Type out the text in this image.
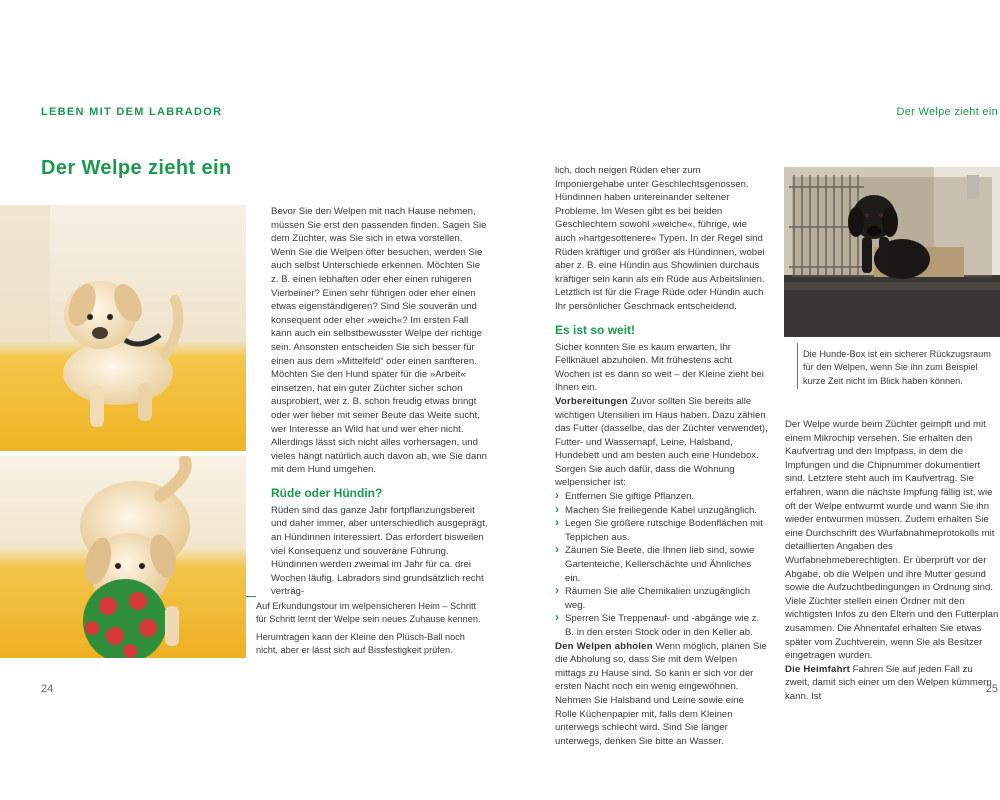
LEBEN MIT DEM LABRADOR	Der Welpe zieht ein
Der Welpe zieht ein

Bevor Sie den Welpen mit nach Hause nehmen, müssen Sie erst den passenden finden. Sagen Sie dem Züchter, was Sie sich in etwa vorstellen. Wenn Sie die Welpen öfter besuchen, werden Sie auch selbst Unterschiede erkennen. Möchten Sie z. B. einen lebhaften oder eher einen ruhigeren Vierbeiner? Einen sehr führigen oder eher einen etwas eigenständigeren? Sind Sie souverän und konsequent oder eher »weich«? Im ersten Fall kann auch ein selbstbewusster Welpe der richtige sein. Ansonsten entscheiden Sie sich besser für einen aus dem »Mittelfeld“ oder einen sanfteren. Möchten Sie den Hund später für die »Arbeit« einsetzen, hat ein guter Züchter sicher schon ausprobiert, wer z. B. schon freudig etwas bringt oder wer lieber mit seiner Beute das Weite sucht, wer Interesse an Wild hat und wer eher nicht. Allerdings lässt sich nicht alles vorhersagen, und vieles hängt natürlich auch davon ab, wie Sie dann mit dem Hund umgehen.

Rüde oder Hündin?

Rüden sind das ganze Jahr fortpflanzungsbereit und daher immer, aber unterschiedlich ausgeprägt, an Hündinnen interessiert. Das erfordert bisweilen viel Konsequenz und souveräne Führung. Hündinnen werden zweimal im Jahr für ca. drei Wochen läufig. Labradors sind grundsätzlich recht verträg-

Auf Erkundungstour im welpensicheren Heim – Schritt für Schritt lernt der Welpe sein neues Zuhause kennen.

Herumtragen kann der Kleine den Plüsch-Ball noch nicht, aber er lässt sich auf Bissfestigkeit prüfen.

24

lich, doch neigen Rüden eher zum Imponiergehabe unter Geschlechtsgenossen. Hündinnen haben untereinander seltener Probleme. Im Wesen gibt es bei beiden Geschlechtern sowohl »weiche«, führige, wie auch »hartgesottenere« Typen. In der Regel sind Rüden kräftiger und größer als Hündinnen, wobei aber z. B. eine Hündin aus Showlinien durchaus kräftiger sein kann als ein Rüde aus Arbeitslinien. Letztlich ist für die Frage Rüde oder Hündin auch Ihr persönlicher Geschmack entscheidend.

Es ist so weit!

Sicher konnten Sie es kaum erwarten, Ihr Fellknäuel abzuholen. Mit frühestens acht Wochen ist es dann so weit – der Kleine zieht bei Ihnen ein.

Vorbereitungen Zuvor sollten Sie bereits alle wichtigen Utensilien im Haus haben. Dazu zählen das Futter (dasselbe, das der Züchter verwendet), Futter- und Wassernapf, Leine, Halsband, Hundebett und am besten auch eine Hundebox. Sorgen Sie auch dafür, dass die Wohnung welpensicher ist:

› Entfernen Sie giftige Pflanzen.
› Machen Sie freiliegende Kabel unzugänglich.
› Legen Sie größere rutschige Bodenflächen mit Teppichen aus.
› Zäunen Sie Beete, die Ihnen lieb sind, sowie Gartenteiche, Kellerschächte und Ähnliches ein.
› Räumen Sie alle Chemikalien unzugänglich weg.
› Sperren Sie Treppenauf- und -abgänge wie z. B. in den ersten Stock oder in den Keller ab.

Den Welpen abholen Wenn möglich, planen Sie die Abholung so, dass Sie mit dem Welpen mittags zu Hause sind. So kann er sich vor der ersten Nacht noch ein wenig eingewöhnen. Nehmen Sie Halsband und Leine sowie eine Rolle Küchenpapier mit, falls dem Kleinen unterwegs schlecht wird. Sind Sie länger unterwegs, denken Sie bitte an Wasser.

Die Hunde-Box ist ein sicherer Rückzugsraum für den Welpen, wenn Sie ihn zum Beispiel kurze Zeit nicht im Blick haben können.

Der Welpe wurde beim Züchter geimpft und mit einem Mikrochip versehen. Sie erhalten den Kaufvertrag und den Impfpass, in dem die Impfungen und die Chipnummer dokumentiert sind. Letztere steht auch im Kaufvertrag. Sie erfahren, wann die nächste Impfung fällig ist, wie oft der Welpe entwurmt wurde und wann Sie ihn wieder entwurmen müssen. Zudem erhalten Sie eine Durchschrift des Wurfabnahmeprotokolls mit detaillierten Angaben des Wurfabnehmeberechtigten. Er überprüft vor der Abgabe, ob die Welpen und ihre Mutter gesund sowie die Aufzuchtbedingungen in Ordnung sind. Viele Züchter stellen einen Ordner mit den wichtigsten Infos zu den Eltern und den Futterplan zusammen. Die Ahnentafel erhalten Sie etwas später vom Zuchtverein, wenn Sie als Besitzer eingetragen wurden.

Die Heimfahrt Fahren Sie auf jeden Fall zu zweit, damit sich einer um den Welpen kümmern kann. Ist

25
